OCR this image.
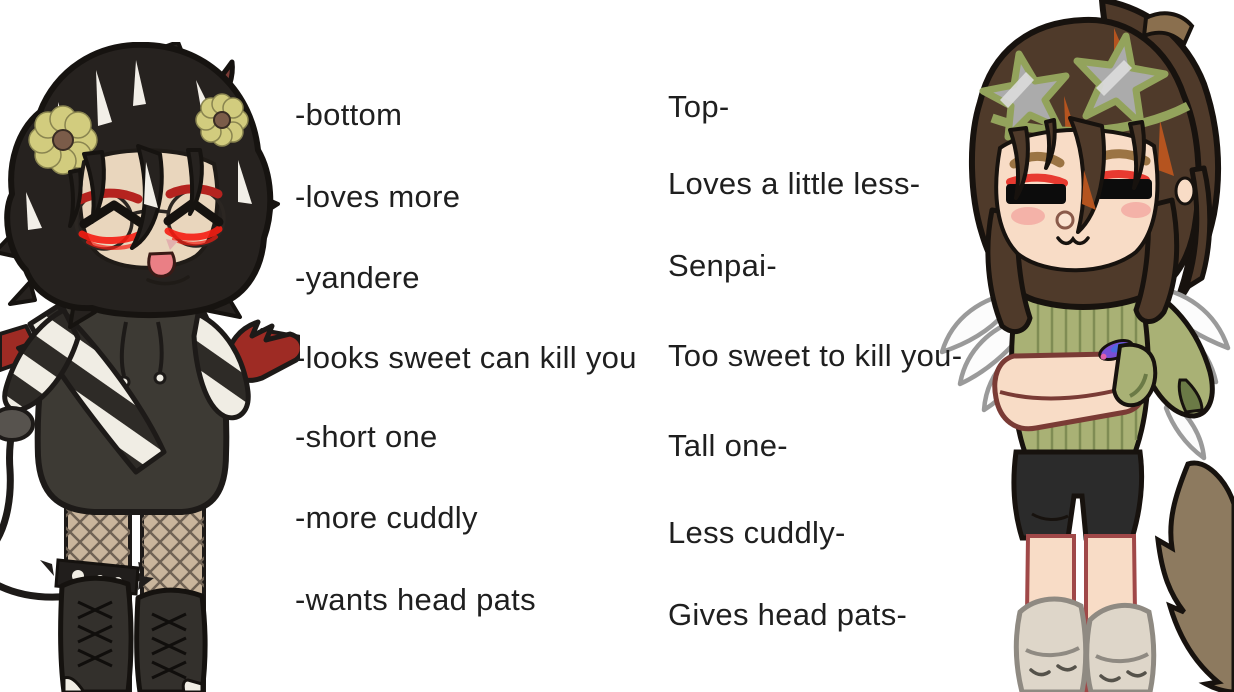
-bottom
-loves more
-yandere
-looks sweet can kill you
-short one
-more cuddly
-wants head pats
Top-
Loves a little less-
Senpai-
Too sweet to kill you-
Tall one-
Less cuddly-
Gives head pats-
